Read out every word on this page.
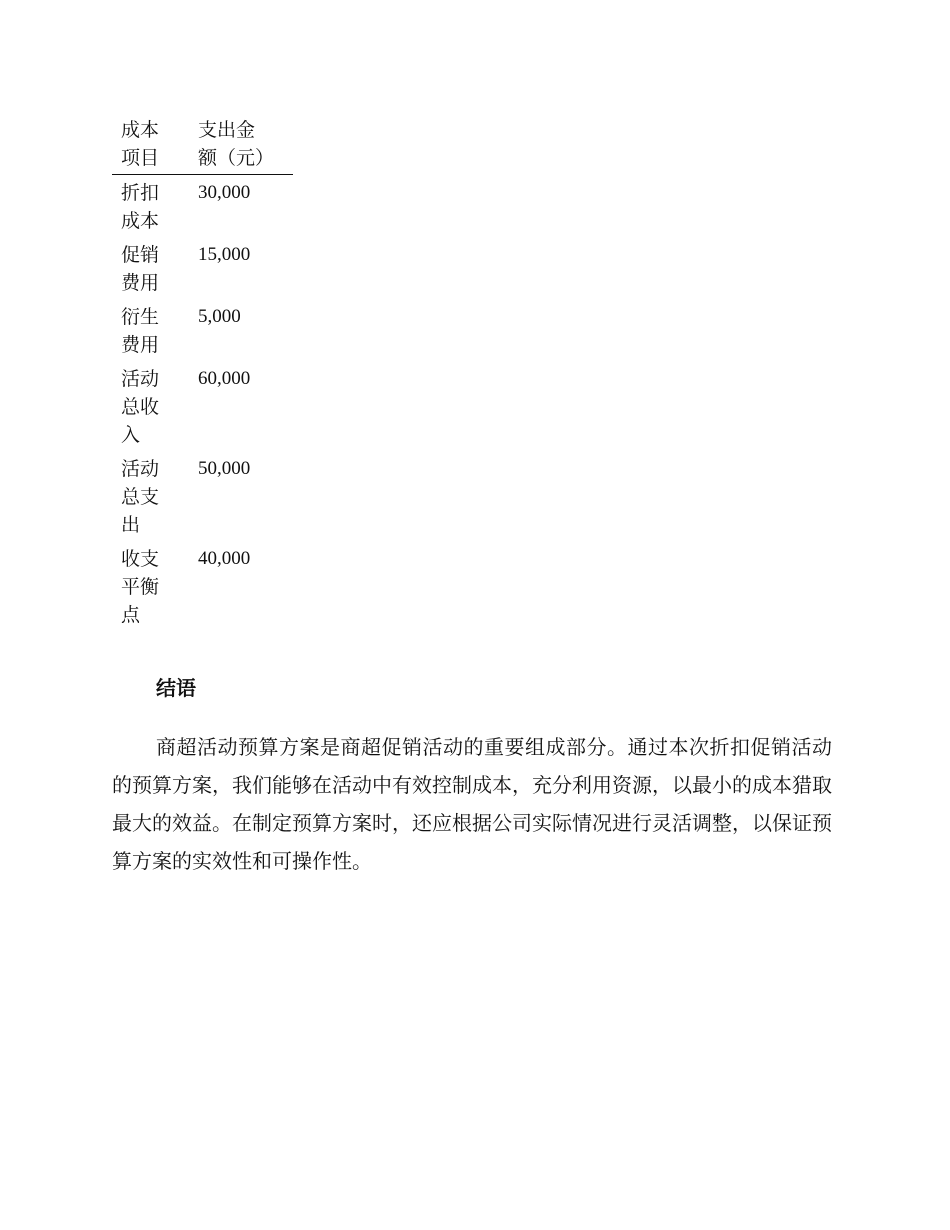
成本项目	支出金额（元）

折扣成本	30,000

促销费用	15,000

衍生费用	5,000

活动总收入	60,000

活动总支出	50,000

收支平衡点	40,000
结语

商超活动预算方案是商超促销活动的重要组成部分。通过本次折扣促销活动的预算方案，我们能够在活动中有效控制成本，充分利用资源，以最小的成本猎取最大的效益。在制定预算方案时，还应根据公司实际情况进行灵活调整，以保证预算方案的实效性和可操作性。
